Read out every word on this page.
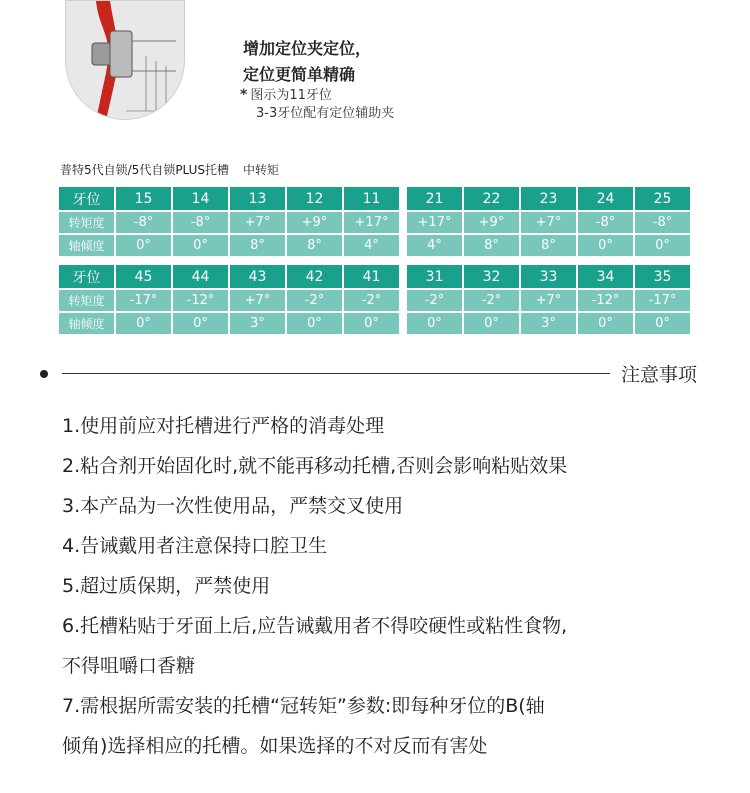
增加定位夹定位，
定位更简单精确
* 图示为11牙位
3-3牙位配有定位辅助夹
普特5代自锁/5代自锁PLUS托槽 中转矩
牙位	15	14	13	12	11		21	22	23	24	25

转矩度	-8°	-8°	+7°	+9°	+17°		+17°	+9°	+7°	-8°	-8°

轴倾度	0°	0°	8°	8°	4°		4°	8°	8°	0°	0°
牙位	45	44	43	42	41		31	32	33	34	35

转矩度	-17°	-12°	+7°	-2°	-2°		-2°	-2°	+7°	-12°	-17°

轴倾度	0°	0°	3°	0°	0°		0°	0°	3°	0°	0°
注意事项
1.使用前应对托槽进行严格的消毒处理
2.粘合剂开始固化时,就不能再移动托槽,否则会影响粘贴效果
3.本产品为一次性使用品，严禁交叉使用
4.告诫戴用者注意保持口腔卫生
5.超过质保期，严禁使用
6.托槽粘贴于牙面上后,应告诫戴用者不得咬硬性或粘性食物,
不得咀嚼口香糖
7.需根据所需安装的托槽“冠转矩”参数:即每种牙位的B(轴
倾角)选择相应的托槽。如果选择的不对反而有害处
